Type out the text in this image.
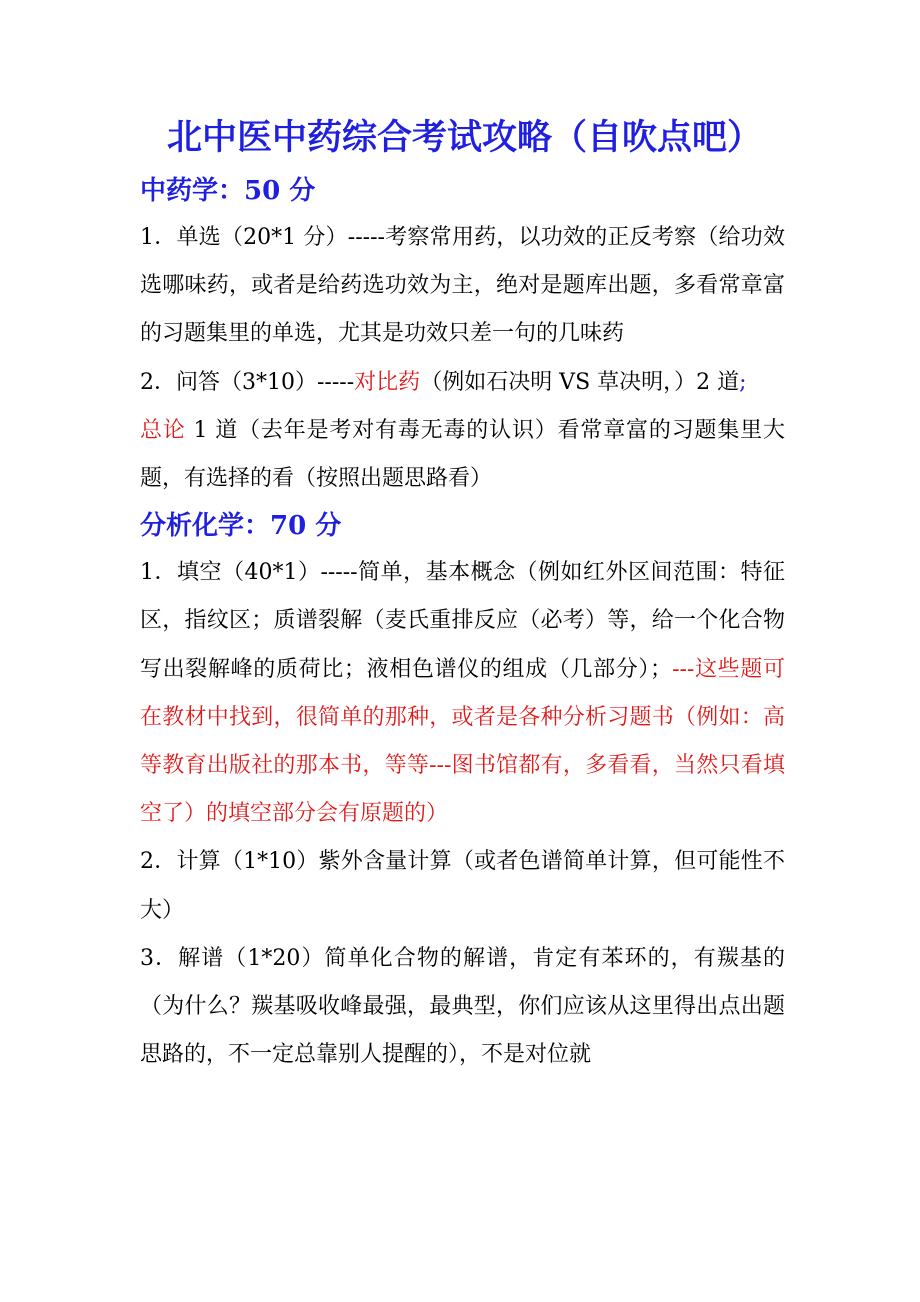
北中医中药综合考试攻略（自吹点吧）
中药学：50 分

1．单选（20*1 分）-----考察常用药，以功效的正反考察（给功效选哪味药，或者是给药选功效为主，绝对是题库出题，多看常章富的习题集里的单选，尤其是功效只差一句的几味药

2．问答（3*10）-----对比药（例如石决明 VS 草决明，）2 道;
总论 1 道（去年是考对有毒无毒的认识）看常章富的习题集里大题，有选择的看（按照出题思路看）

分析化学：70 分

1．填空（40*1）-----简单，基本概念（例如红外区间范围：特征区，指纹区；质谱裂解（麦氏重排反应（必考）等，给一个化合物写出裂解峰的质荷比；液相色谱仪的组成（几部分）；---这些题可在教材中找到，很简单的那种，或者是各种分析习题书（例如：高等教育出版社的那本书，等等---图书馆都有，多看看，当然只看填空了）的填空部分会有原题的）

2．计算（1*10）紫外含量计算（或者色谱简单计算，但可能性不大）

3．解谱（1*20）简单化合物的解谱，肯定有苯环的，有羰基的（为什么？羰基吸收峰最强，最典型，你们应该从这里得出点出题思路的，不一定总靠别人提醒的），不是对位就
